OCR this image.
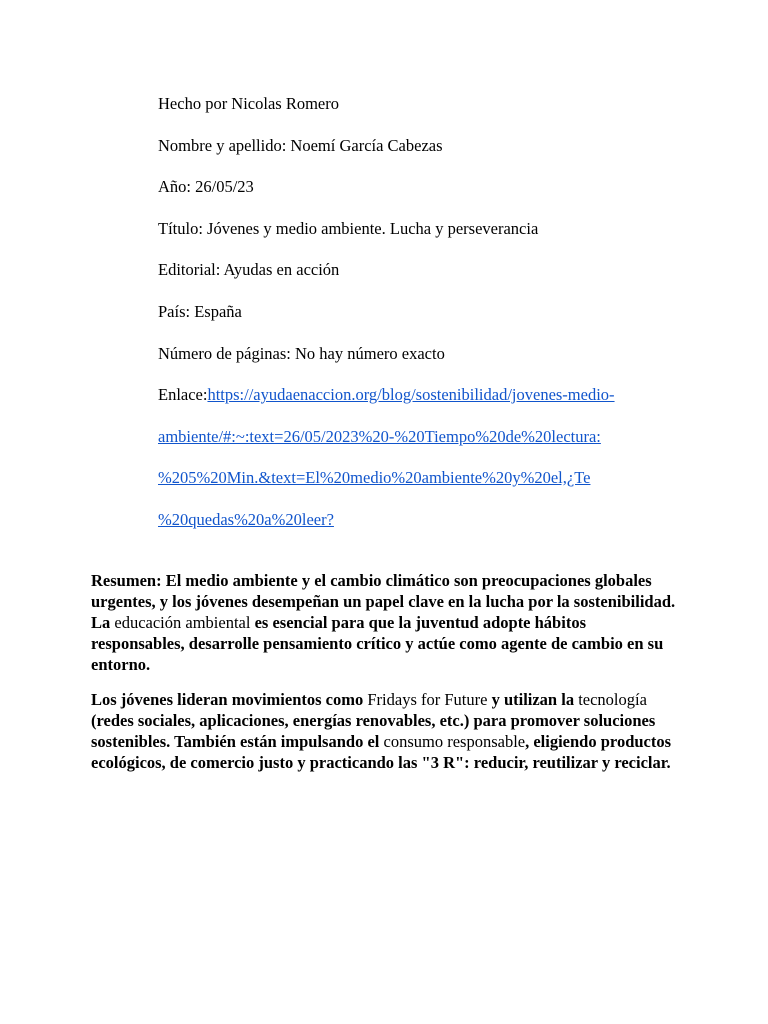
Hecho por Nicolas Romero
Nombre y apellido: Noemí García Cabezas
Año: 26/05/23
Título: Jóvenes y medio ambiente. Lucha y perseverancia
Editorial: Ayudas en acción
País: España
Número de páginas: No hay número exacto
Enlace:https://ayudaenaccion.org/blog/sostenibilidad/jovenes-medio-
ambiente/#:~:text=26/05/2023%20-%20Tiempo%20de%20lectura:
%205%20Min.&text=El%20medio%20ambiente%20y%20el,¿Te
%20quedas%20a%20leer?

Resumen: El medio ambiente y el cambio climático son preocupaciones globales urgentes, y los jóvenes desempeñan un papel clave en la lucha por la sostenibilidad. La educación ambiental es esencial para que la juventud adopte hábitos responsables, desarrolle pensamiento crítico y actúe como agente de cambio en su entorno.

Los jóvenes lideran movimientos como Fridays for Future y utilizan la tecnología (redes sociales, aplicaciones, energías renovables, etc.) para promover soluciones sostenibles. También están impulsando el consumo responsable, eligiendo productos ecológicos, de comercio justo y practicando las "3 R": reducir, reutilizar y reciclar.
